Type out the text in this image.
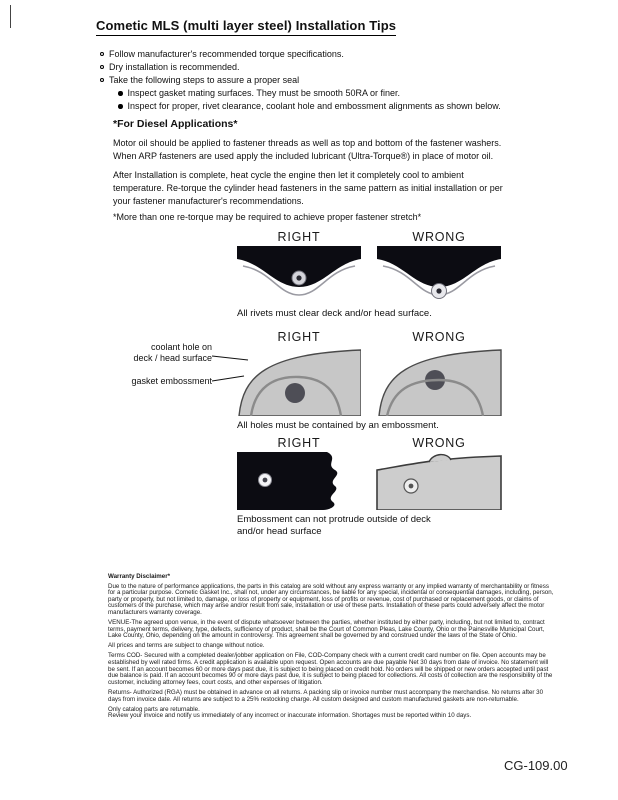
Cometic MLS (multi layer steel) Installation Tips
Follow manufacturer's recommended torque specifications.
Dry installation is recommended.
Take the following steps to assure a proper seal
Inspect gasket mating surfaces. They must be smooth 50RA or finer.
Inspect for proper, rivet clearance, coolant hole and embossment alignments as shown below.
*For Diesel Applications*

Motor oil should be applied to fastener threads as well as top and bottom of the fastener washers. When ARP fasteners are used apply the included lubricant (Ultra-Torque®) in place of motor oil.

After Installation is complete, heat cycle the engine then let it completely cool to ambient temperature. Re-torque the cylinder head fasteners in the same pattern as initial installation or per your fastener manufacturer's recommendations.

*More than one re-torque may be required to achieve proper fastener stretch*

RIGHT	WRONG
All rivets must clear deck and/or head surface.
RIGHT	WRONG
coolant hole on
deck / head surface
gasket embossment
All holes must be contained by an embossment.
RIGHT	WRONG
Embossment can not protrude outside of deck and/or head surface
Warranty Disclaimer*

Due to the nature of performance applications, the parts in this catalog are sold without any express warranty or any implied warranty of merchantability or fitness for a particular purpose. Cometic Gasket Inc., shall not, under any circumstances, be liable for any special, incidental or consequential damages, including, person, party or property, but not limited to, damage, or loss of property or equipment, loss of profits or revenue, cost of purchased or replacement goods, or claims of customers of the purchase, which may arise and/or result from sale, installation or use of these parts. Installation of these parts could adversely affect the motor manufacturers warranty coverage.

VENUE-The agreed upon venue, in the event of dispute whatsoever between the parties, whether instituted by either party, including, but not limited to, contract terms, payment terms, delivery, type, defects, sufficiency of product, shall be the Court of Common Pleas, Lake County, Ohio or the Painesville Municipal Court, Lake County, Ohio, depending on the amount in controversy. This agreement shall be governed by and construed under the laws of the State of Ohio.

All prices and terms are subject to change without notice.

Terms COD- Secured with a completed dealer/jobber application on File, COD-Company check with a current credit card number on file. Open accounts may be established by well rated firms. A credit application is available upon request. Open accounts are due payable Net 30 days from date of invoice. No statement will be sent. If an account becomes 60 or more days past due, it is subject to being placed on credit hold. No orders will be shipped or new orders accepted until past due balance is paid. If an account becomes 90 or more days past due, it is subject to being placed for collections. All costs of collection are the responsibility of the customer, including attorney fees, court costs, and other expenses of litigation.

Returns- Authorized (RGA) must be obtained in advance on all returns. A packing slip or invoice number must accompany the merchandise. No returns after 30 days from invoice date. All returns are subject to a 25% restocking charge. All custom designed and custom manufactured gaskets are non-returnable.

Only catalog parts are returnable.

Review your invoice and notify us immediately of any incorrect or inaccurate information. Shortages must be reported within 10 days.

CG-109.00
